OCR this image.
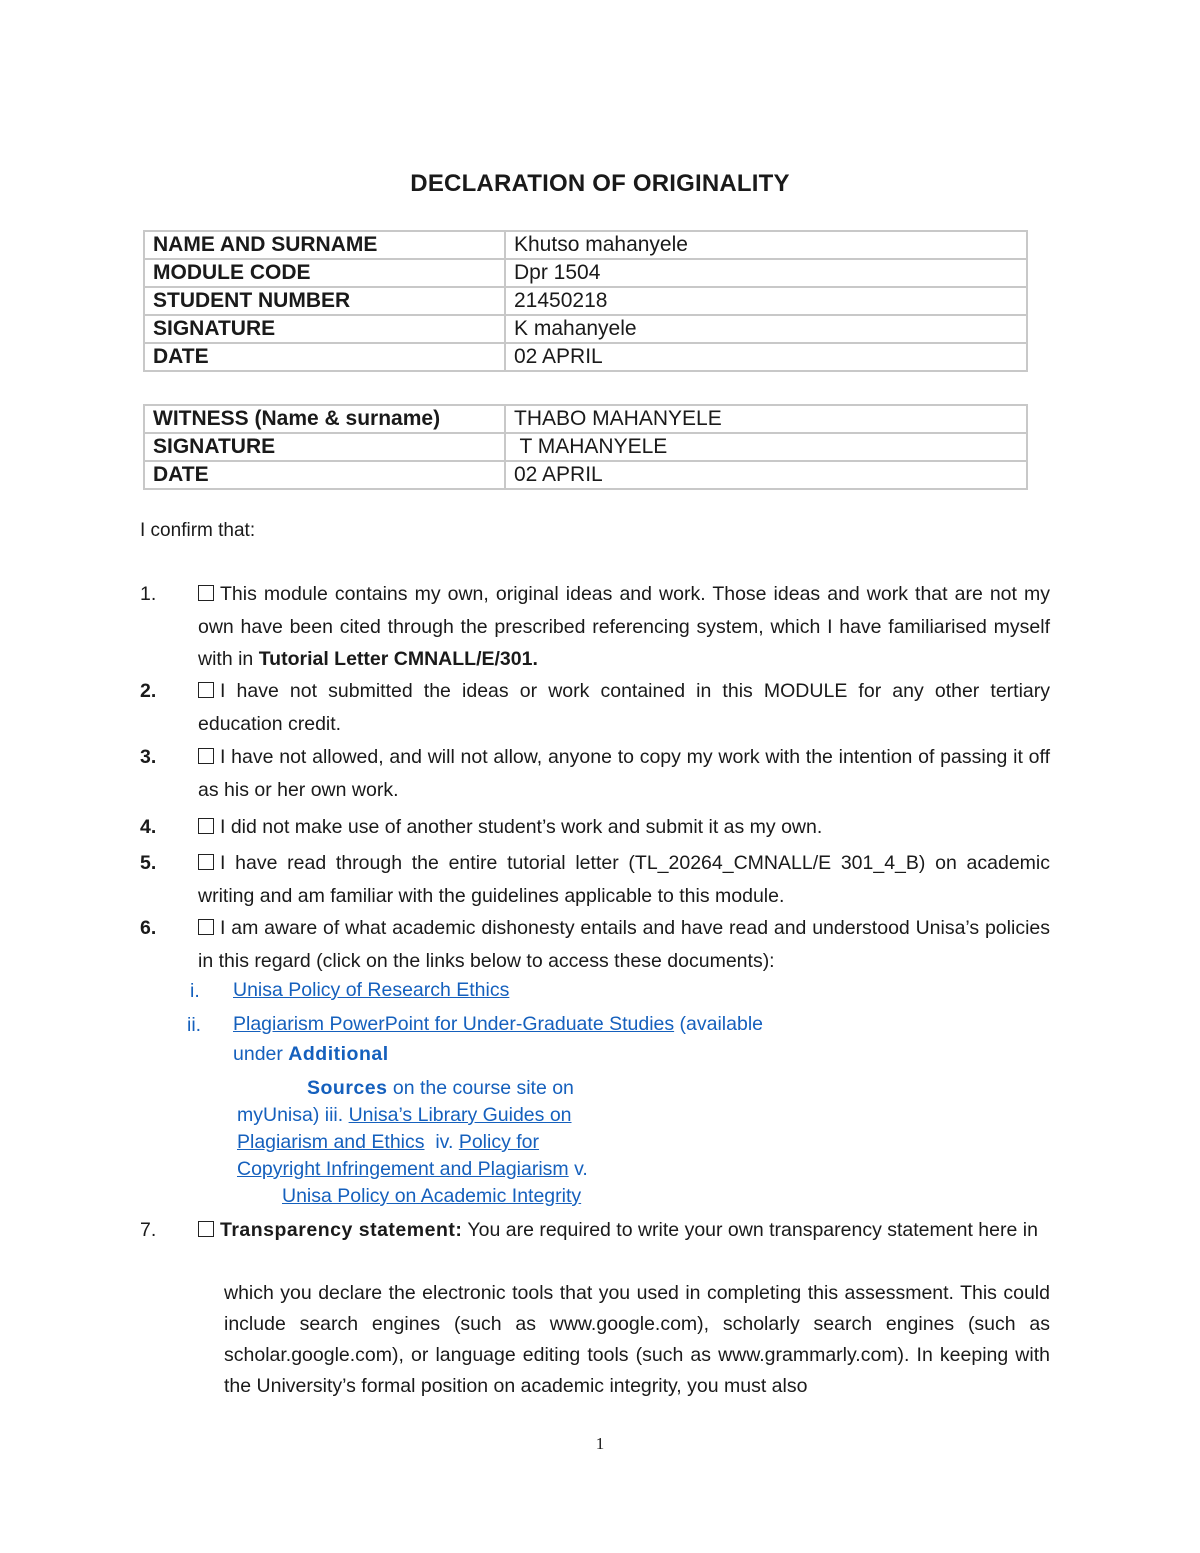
DECLARATION OF ORIGINALITY
NAME AND SURNAME	Khutso mahanyele
MODULE CODE	Dpr 1504
STUDENT NUMBER	21450218
SIGNATURE	K mahanyele
DATE	02 APRIL
WITNESS (Name & surname)	THABO MAHANYELE
SIGNATURE	T MAHANYELE
DATE	02 APRIL
I confirm that:
1.	This module contains my own, original ideas and work. Those ideas and work that are not my own have been cited through the prescribed referencing system, which I have familiarised myself with in Tutorial Letter CMNALL/E/301.
2.	I have not submitted the ideas or work contained in this MODULE for any other tertiary education credit.
3.	I have not allowed, and will not allow, anyone to copy my work with the intention of passing it off as his or her own work.
4.	I did not make use of another student’s work and submit it as my own.
5.	I have read through the entire tutorial letter (TL_20264_CMNALL/E 301_4_B) on academic writing and am familiar with the guidelines applicable to this module.
6.	I am aware of what academic dishonesty entails and have read and understood Unisa’s policies in this regard (click on the links below to access these documents):
i. Unisa Policy of Research Ethics
ii. Plagiarism PowerPoint for Under-Graduate Studies (available
under Additional
Sources on the course site on
myUnisa) iii. Unisa’s Library Guides on
Plagiarism and Ethics  iv. Policy for
Copyright Infringement and Plagiarism v.
Unisa Policy on Academic Integrity
7.	Transparency statement: You are required to write your own transparency statement here in
which you declare the electronic tools that you used in completing this assessment. This could include search engines (such as www.google.com), scholarly search engines (such as scholar.google.com), or language editing tools (such as www.grammarly.com). In keeping with the University’s formal position on academic integrity, you must also
1
